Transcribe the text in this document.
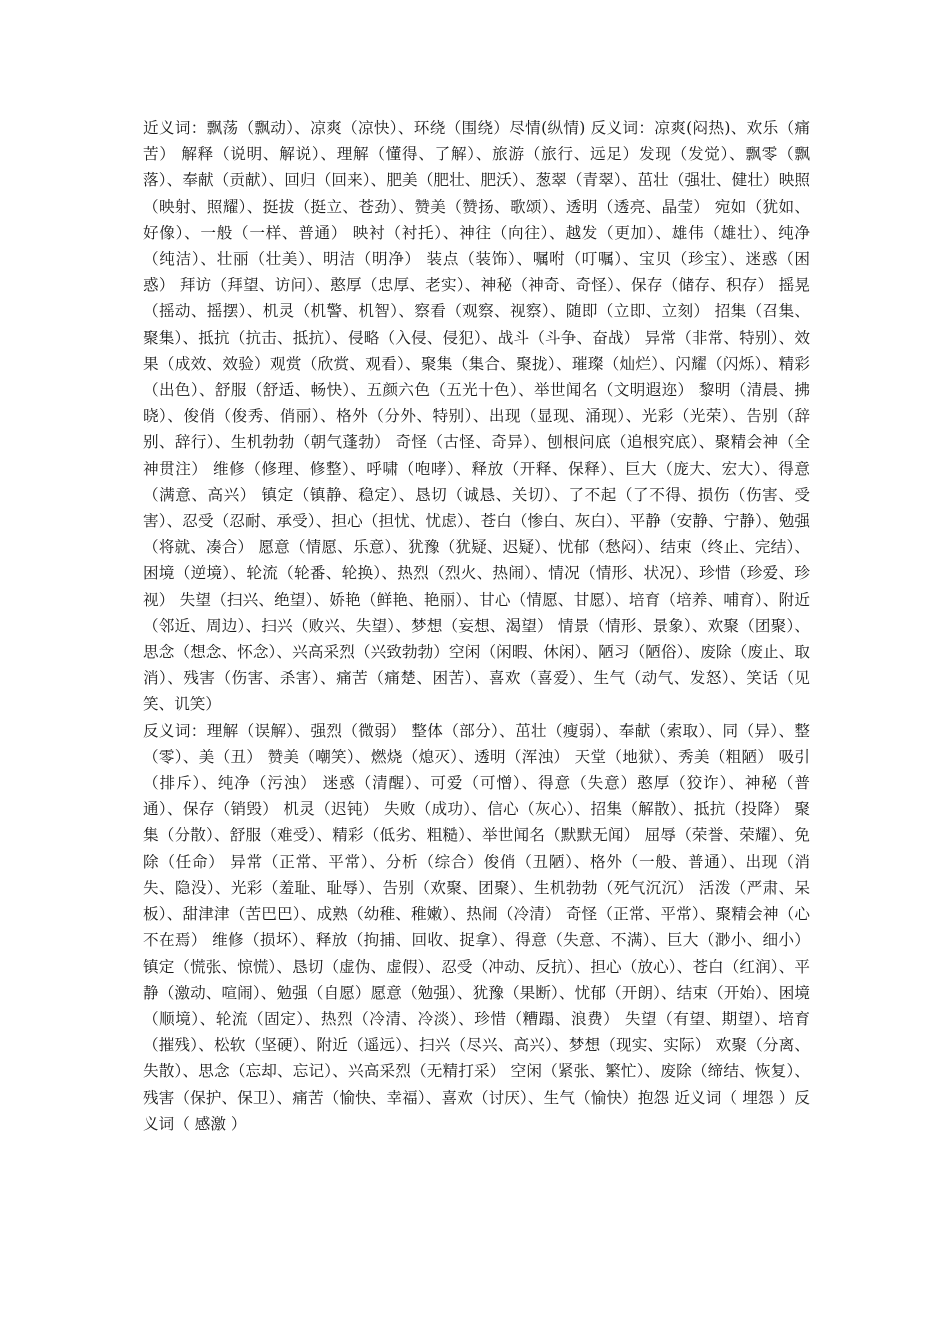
近义词：飘荡（飘动）、凉爽（凉快）、环绕（围绕）尽情(纵情) 反义词：凉爽(闷热)、欢乐（痛苦） 解释（说明、解说）、理解（懂得、了解）、旅游（旅行、远足）发现（发觉）、飘零（飘落）、奉献（贡献）、回归（回来）、肥美（肥壮、肥沃）、葱翠（青翠）、茁壮（强壮、健壮）映照（映射、照耀）、挺拔（挺立、苍劲）、赞美（赞扬、歌颂）、透明（透亮、晶莹） 宛如（犹如、好像）、一般（一样、普通） 映衬（衬托）、神往（向往）、越发（更加）、雄伟（雄壮）、纯净（纯洁）、壮丽（壮美）、明洁（明净） 装点（装饰）、嘱咐（叮嘱）、宝贝（珍宝）、迷惑（困惑） 拜访（拜望、访问）、憨厚（忠厚、老实）、神秘（神奇、奇怪）、保存（储存、积存） 摇晃（摇动、摇摆）、机灵（机警、机智）、察看（观察、视察）、随即（立即、立刻） 招集（召集、聚集）、抵抗（抗击、抵抗）、侵略（入侵、侵犯）、战斗（斗争、奋战） 异常（非常、特别）、效果（成效、效验）观赏（欣赏、观看）、聚集（集合、聚拢）、璀璨（灿烂）、闪耀（闪烁）、精彩（出色）、舒服（舒适、畅快）、五颜六色（五光十色）、举世闻名（文明遐迩） 黎明（清晨、拂晓）、俊俏（俊秀、俏丽）、格外（分外、特别）、出现（显现、涌现）、光彩（光荣）、告别（辞别、辞行）、生机勃勃（朝气蓬勃） 奇怪（古怪、奇异）、刨根问底（追根究底）、聚精会神（全神贯注） 维修（修理、修整）、呼啸（咆哮）、释放（开释、保释）、巨大（庞大、宏大）、得意（满意、高兴） 镇定（镇静、稳定）、恳切（诚恳、关切）、了不起（了不得、损伤（伤害、受害）、忍受（忍耐、承受）、担心（担忧、忧虑）、苍白（惨白、灰白）、平静（安静、宁静）、勉强（将就、凑合） 愿意（情愿、乐意）、犹豫（犹疑、迟疑）、忧郁（愁闷）、结束（终止、完结）、困境（逆境）、轮流（轮番、轮换）、热烈（烈火、热闹）、情况（情形、状况）、珍惜（珍爱、珍视） 失望（扫兴、绝望）、娇艳（鲜艳、艳丽）、甘心（情愿、甘愿）、培育（培养、哺育）、附近（邻近、周边）、扫兴（败兴、失望）、梦想（妄想、渴望） 情景（情形、景象）、欢聚（团聚）、思念（想念、怀念）、兴高采烈（兴致勃勃）空闲（闲暇、休闲）、陋习（陋俗）、废除（废止、取消）、残害（伤害、杀害）、痛苦（痛楚、困苦）、喜欢（喜爱）、生气（动气、发怒）、笑话（见笑、讥笑）

反义词：理解（误解）、强烈（微弱） 整体（部分）、茁壮（瘦弱）、奉献（索取）、同（异）、整（零）、美（丑） 赞美（嘲笑）、燃烧（熄灭）、透明（浑浊） 天堂（地狱）、秀美（粗陋） 吸引（排斥）、纯净（污浊） 迷惑（清醒）、可爱（可憎）、得意（失意）憨厚（狡诈）、神秘（普通）、保存（销毁） 机灵（迟钝） 失败（成功）、信心（灰心）、招集（解散）、抵抗（投降） 聚集（分散）、舒服（难受）、精彩（低劣、粗糙）、举世闻名（默默无闻） 屈辱（荣誉、荣耀）、免除（任命） 异常（正常、平常）、分析（综合）俊俏（丑陋）、格外（一般、普通）、出现（消失、隐没）、光彩（羞耻、耻辱）、告别（欢聚、团聚）、生机勃勃（死气沉沉） 活泼（严肃、呆板）、甜津津（苦巴巴）、成熟（幼稚、稚嫩）、热闹（冷清） 奇怪（正常、平常）、聚精会神（心不在焉） 维修（损坏）、释放（拘捕、回收、捉拿）、得意（失意、不满）、巨大（渺小、细小） 镇定（慌张、惊慌）、恳切（虚伪、虚假）、忍受（冲动、反抗）、担心（放心）、苍白（红润）、平静（激动、喧闹）、勉强（自愿）愿意（勉强）、犹豫（果断）、忧郁（开朗）、结束（开始）、困境（顺境）、轮流（固定）、热烈（冷清、冷淡）、珍惜（糟蹋、浪费） 失望（有望、期望）、培育（摧残）、松软（坚硬）、附近（遥远）、扫兴（尽兴、高兴）、梦想（现实、实际） 欢聚（分离、失散）、思念（忘却、忘记）、兴高采烈（无精打采） 空闲（紧张、繁忙）、废除（缔结、恢复）、残害（保护、保卫）、痛苦（愉快、幸福）、喜欢（讨厌）、生气（愉快）抱怨 近义词（ 埋怨 ）反义词（ 感激 ）
